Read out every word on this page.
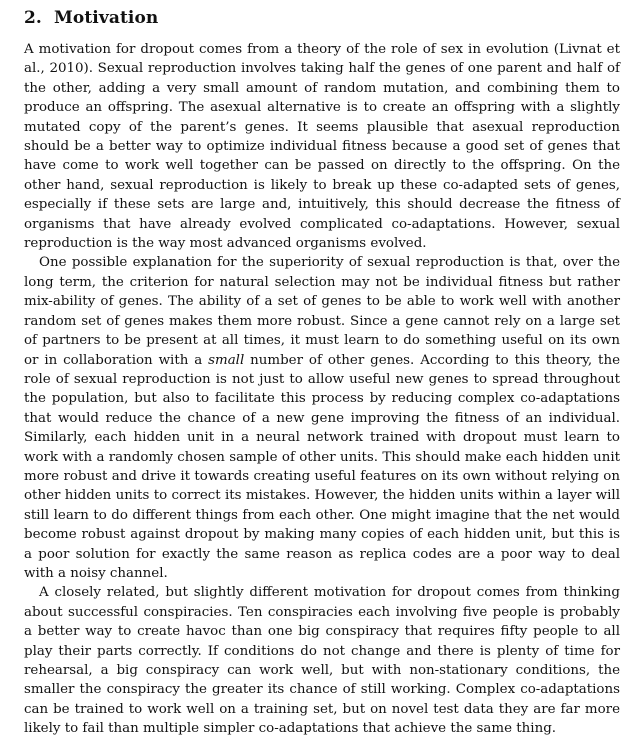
2. Motivation

A motivation for dropout comes from a theory of the role of sex in evolution (Livnat et al., 2010). Sexual reproduction involves taking half the genes of one parent and half of the other, adding a very small amount of random mutation, and combining them to produce an offspring. The asexual alternative is to create an offspring with a slightly mutated copy of the parent’s genes. It seems plausible that asexual reproduction should be a better way to optimize individual fitness because a good set of genes that have come to work well together can be passed on directly to the offspring. On the other hand, sexual reproduction is likely to break up these co-adapted sets of genes, especially if these sets are large and, intuitively, this should decrease the fitness of organisms that have already evolved complicated co-adaptations. However, sexual reproduction is the way most advanced organisms evolved.

One possible explanation for the superiority of sexual reproduction is that, over the long term, the criterion for natural selection may not be individual fitness but rather mix-ability of genes. The ability of a set of genes to be able to work well with another random set of genes makes them more robust. Since a gene cannot rely on a large set of partners to be present at all times, it must learn to do something useful on its own or in collaboration with a small number of other genes. According to this theory, the role of sexual reproduction is not just to allow useful new genes to spread throughout the population, but also to facilitate this process by reducing complex co-adaptations that would reduce the chance of a new gene improving the fitness of an individual. Similarly, each hidden unit in a neural network trained with dropout must learn to work with a randomly chosen sample of other units. This should make each hidden unit more robust and drive it towards creating useful features on its own without relying on other hidden units to correct its mistakes. However, the hidden units within a layer will still learn to do different things from each other. One might imagine that the net would become robust against dropout by making many copies of each hidden unit, but this is a poor solution for exactly the same reason as replica codes are a poor way to deal with a noisy channel.

A closely related, but slightly different motivation for dropout comes from thinking about successful conspiracies. Ten conspiracies each involving five people is probably a better way to create havoc than one big conspiracy that requires fifty people to all play their parts correctly. If conditions do not change and there is plenty of time for rehearsal, a big conspiracy can work well, but with non-stationary conditions, the smaller the conspiracy the greater its chance of still working. Complex co-adaptations can be trained to work well on a training set, but on novel test data they are far more likely to fail than multiple simpler co-adaptations that achieve the same thing.
